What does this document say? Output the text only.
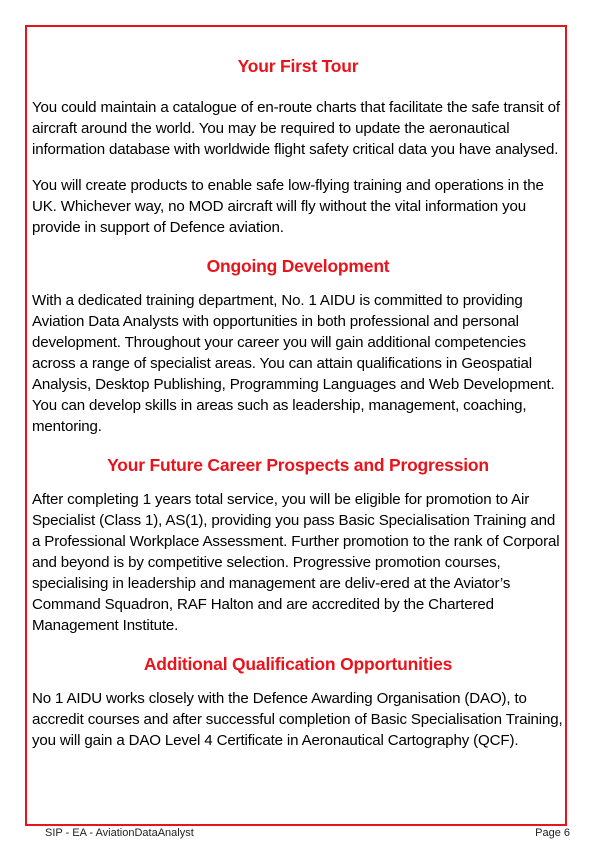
Your First Tour

You could maintain a catalogue of en-route charts that facilitate the safe transit of aircraft around the world. You may be required to update the aeronautical information database with worldwide flight safety critical data you have analysed.

You will create products to enable safe low-flying training and operations in the UK. Whichever way, no MOD aircraft will fly without the vital information you provide in support of Defence aviation.

Ongoing Development

With a dedicated training department, No. 1 AIDU is committed to providing Aviation Data Analysts with opportunities in both professional and personal development. Throughout your career you will gain additional competencies across a range of specialist areas. You can attain qualifications in Geospatial Analysis, Desktop Publishing, Programming Languages and Web Development. You can develop skills in areas such as leadership, management, coaching, mentoring.

Your Future Career Prospects and Progression

After completing 1 years total service, you will be eligible for promotion to Air Specialist (Class 1), AS(1), providing you pass Basic Specialisation Training and a Professional Workplace Assessment. Further promotion to the rank of Corporal and beyond is by competitive selection. Progressive promotion courses, specialising in leadership and management are deliv-ered at the Aviator’s Command Squadron, RAF Halton and are accredited by the Chartered Management Institute.

Additional Qualification Opportunities

No 1 AIDU works closely with the Defence Awarding Organisation (DAO), to accredit courses and after successful completion of Basic Specialisation Training, you will gain a DAO Level 4 Certificate in Aeronautical Cartography (QCF).

SIP - EA - AviationDataAnalyst	Page 6
